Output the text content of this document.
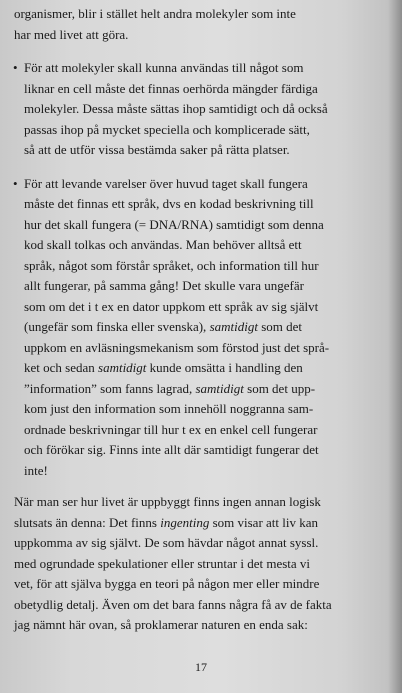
organismer, blir i stället helt andra molekyler som inte
har med livet att göra.
• För att molekyler skall kunna användas till något som
liknar en cell måste det finnas oerhörda mängder färdiga
molekyler. Dessa måste sättas ihop samtidigt och då också
passas ihop på mycket speciella och komplicerade sätt,
så att de utför vissa bestämda saker på rätta platser.
• För att levande varelser över huvud taget skall fungera
måste det finnas ett språk, dvs en kodad beskrivning till
hur det skall fungera (= DNA/RNA) samtidigt som denna
kod skall tolkas och användas. Man behöver alltså ett
språk, något som förstår språket, och information till hur
allt fungerar, på samma gång! Det skulle vara ungefär
som om det i t ex en dator uppkom ett språk av sig självt
(ungefär som finska eller svenska), samtidigt som det
uppkom en avläsningsmekanism som förstod just det språ-
ket och sedan samtidigt kunde omsätta i handling den
”information” som fanns lagrad, samtidigt som det upp-
kom just den information som innehöll noggranna sam-
ordnade beskrivningar till hur t ex en enkel cell fungerar
och förökar sig. Finns inte allt där samtidigt fungerar det
inte!
När man ser hur livet är uppbyggt finns ingen annan logisk
slutsats än denna: Det finns ingenting som visar att liv kan
uppkomma av sig självt. De som hävdar något annat syssl.
med ogrundade spekulationer eller struntar i det mesta vi
vet, för att själva bygga en teori på någon mer eller mindre
obetydlig detalj. Även om det bara fanns några få av de fakta
jag nämnt här ovan, så proklamerar naturen en enda sak:
17
